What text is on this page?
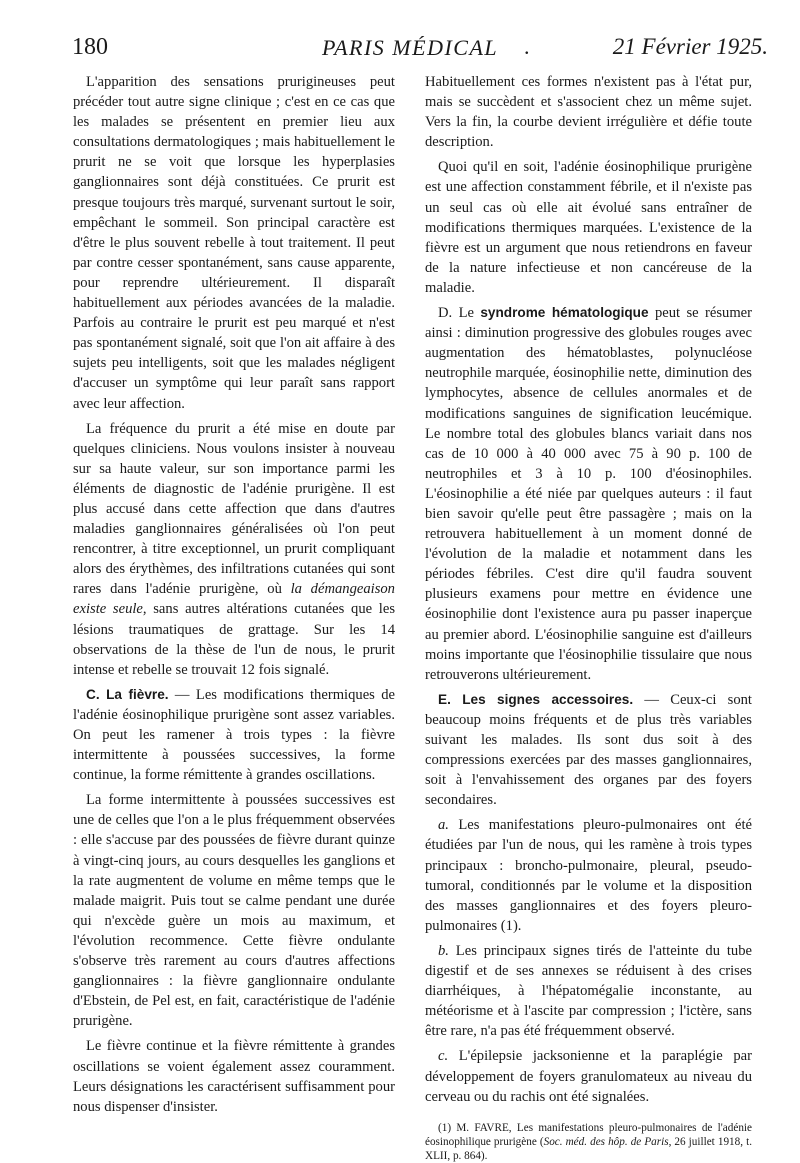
180	PARIS MÉDICAL .	21 Février 1925.

L'apparition des sensations prurigineuses peut précéder tout autre signe clinique ; c'est en ce cas que les malades se présentent en premier lieu aux consultations dermatologiques ; mais habituellement le prurit ne se voit que lorsque les hyperplasies ganglionnaires sont déjà constituées. Ce prurit est presque toujours très marqué, survenant surtout le soir, empêchant le sommeil. Son principal caractère est d'être le plus souvent rebelle à tout traitement. Il peut par contre cesser spontanément, sans cause apparente, pour reprendre ultérieurement. Il disparaît habituellement aux périodes avancées de la maladie. Parfois au contraire le prurit est peu marqué et n'est pas spontanément signalé, soit que l'on ait affaire à des sujets peu intelligents, soit que les malades négligent d'accuser un symptôme qui leur paraît sans rapport avec leur affection.

La fréquence du prurit a été mise en doute par quelques cliniciens. Nous voulons insister à nouveau sur sa haute valeur, sur son importance parmi les éléments de diagnostic de l'adénie prurigène. Il est plus accusé dans cette affection que dans d'autres maladies ganglionnaires généralisées où l'on peut rencontrer, à titre exceptionnel, un prurit compliquant alors des érythèmes, des infiltrations cutanées qui sont rares dans l'adénie prurigène, où la démangeaison existe seule, sans autres altérations cutanées que les lésions traumatiques de grattage. Sur les 14 observations de la thèse de l'un de nous, le prurit intense et rebelle se trouvait 12 fois signalé.

C. La fièvre. — Les modifications thermiques de l'adénie éosinophilique prurigène sont assez variables. On peut les ramener à trois types : la fièvre intermittente à poussées successives, la forme continue, la forme rémittente à grandes oscillations.

La forme intermittente à poussées successives est une de celles que l'on a le plus fréquemment observées : elle s'accuse par des poussées de fièvre durant quinze à vingt-cinq jours, au cours desquelles les ganglions et la rate augmentent de volume en même temps que le malade maigrit. Puis tout se calme pendant une durée qui n'excède guère un mois au maximum, et l'évolution recommence. Cette fièvre ondulante s'observe très rarement au cours d'autres affections ganglionnaires : la fièvre ganglionnaire ondulante d'Ebstein, de Pel est, en fait, caractéristique de l'adénie prurigène.

Le fièvre continue et la fièvre rémittente à grandes oscillations se voient également assez couramment. Leurs désignations les caractérisent suffisamment pour nous dispenser d'insister.

Habituellement ces formes n'existent pas à l'état pur, mais se succèdent et s'associent chez un même sujet. Vers la fin, la courbe devient irrégulière et défie toute description.

Quoi qu'il en soit, l'adénie éosinophilique prurigène est une affection constamment fébrile, et il n'existe pas un seul cas où elle ait évolué sans entraîner de modifications thermiques marquées. L'existence de la fièvre est un argument que nous retiendrons en faveur de la nature infectieuse et non cancéreuse de la maladie.

D. Le syndrome hématologique peut se résumer ainsi : diminution progressive des globules rouges avec augmentation des hématoblastes, polynucléose neutrophile marquée, éosinophilie nette, diminution des lymphocytes, absence de cellules anormales et de modifications sanguines de signification leucémique. Le nombre total des globules blancs variait dans nos cas de 10 000 à 40 000 avec 75 à 90 p. 100 de neutrophiles et 3 à 10 p. 100 d'éosinophiles. L'éosinophilie a été niée par quelques auteurs : il faut bien savoir qu'elle peut être passagère ; mais on la retrouvera habituellement à un moment donné de l'évolution de la maladie et notamment dans les périodes fébriles. C'est dire qu'il faudra souvent plusieurs examens pour mettre en évidence une éosinophilie dont l'existence aura pu passer inaperçue au premier abord. L'éosinophilie sanguine est d'ailleurs moins importante que l'éosinophilie tissulaire que nous retrouverons ultérieurement.

E. Les signes accessoires. — Ceux-ci sont beaucoup moins fréquents et de plus très variables suivant les malades. Ils sont dus soit à des compressions exercées par des masses ganglionnaires, soit à l'envahissement des organes par des foyers secondaires.

a. Les manifestations pleuro-pulmonaires ont été étudiées par l'un de nous, qui les ramène à trois types principaux : broncho-pulmonaire, pleural, pseudo-tumoral, conditionnés par le volume et la disposition des masses ganglionnaires et des foyers pleuro-pulmonaires (1).

b. Les principaux signes tirés de l'atteinte du tube digestif et de ses annexes se réduisent à des crises diarrhéiques, à l'hépatomégalie inconstante, au météorisme et à l'ascite par compression ; l'ictère, sans être rare, n'a pas été fréquemment observé.

c. L'épilepsie jacksonienne et la paraplégie par développement de foyers granulomateux au niveau du cerveau ou du rachis ont été signalées.

(1) M. FAVRE, Les manifestations pleuro-pulmonaires de l'adénie éosinophilique prurigène (Soc. méd. des hôp. de Paris, 26 juillet 1918, t. XLII, p. 864).
